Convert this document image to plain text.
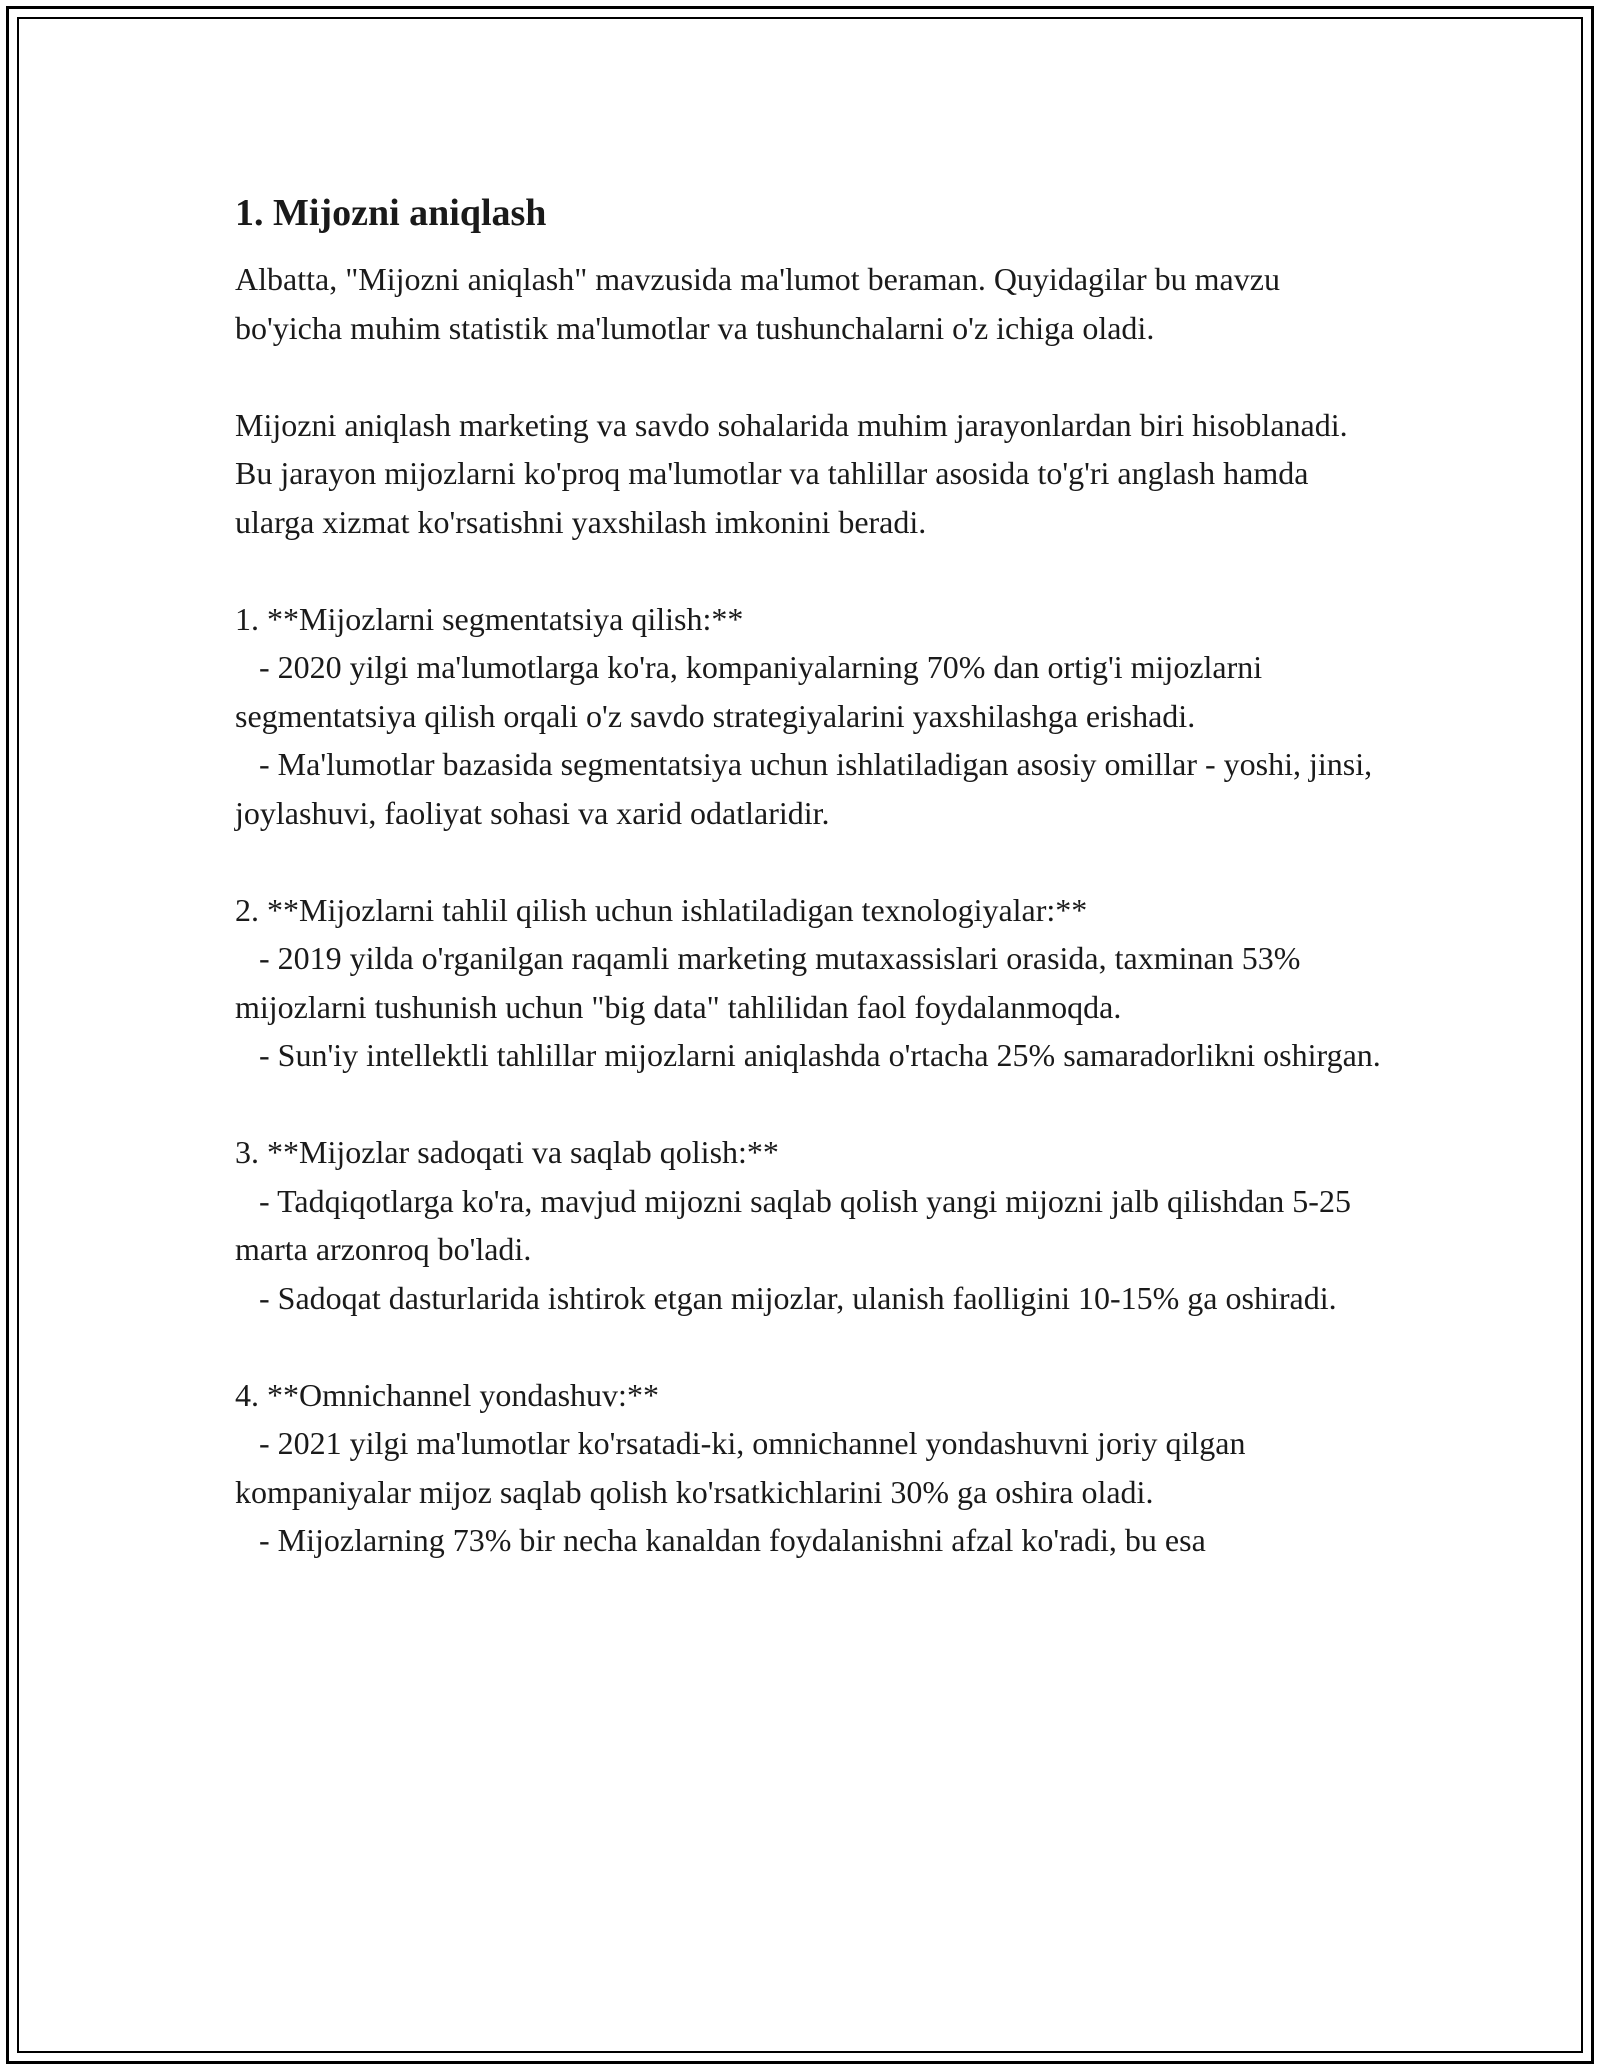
1. Mijozni aniqlash

Albatta, "Mijozni aniqlash" mavzusida ma'lumot beraman. Quyidagilar bu mavzu bo'yicha muhim statistik ma'lumotlar va tushunchalarni o'z ichiga oladi.

Mijozni aniqlash marketing va savdo sohalarida muhim jarayonlardan biri hisoblanadi. Bu jarayon mijozlarni ko'proq ma'lumotlar va tahlillar asosida to'g'ri anglash hamda ularga xizmat ko'rsatishni yaxshilash imkonini beradi.

1. **Mijozlarni segmentatsiya qilish:**
- 2020 yilgi ma'lumotlarga ko'ra, kompaniyalarning 70% dan ortig'i mijozlarni segmentatsiya qilish orqali o'z savdo strategiyalarini yaxshilashga erishadi.
- Ma'lumotlar bazasida segmentatsiya uchun ishlatiladigan asosiy omillar - yoshi, jinsi, joylashuvi, faoliyat sohasi va xarid odatlaridir.

2. **Mijozlarni tahlil qilish uchun ishlatiladigan texnologiyalar:**
- 2019 yilda o'rganilgan raqamli marketing mutaxassislari orasida, taxminan 53% mijozlarni tushunish uchun "big data" tahlilidan faol foydalanmoqda.
- Sun'iy intellektli tahlillar mijozlarni aniqlashda o'rtacha 25% samaradorlikni oshirgan.

3. **Mijozlar sadoqati va saqlab qolish:**
- Tadqiqotlarga ko'ra, mavjud mijozni saqlab qolish yangi mijozni jalb qilishdan 5-25 marta arzonroq bo'ladi.
- Sadoqat dasturlarida ishtirok etgan mijozlar, ulanish faolligini 10-15% ga oshiradi.

4. **Omnichannel yondashuv:**
- 2021 yilgi ma'lumotlar ko'rsatadi-ki, omnichannel yondashuvni joriy qilgan kompaniyalar mijoz saqlab qolish ko'rsatkichlarini 30% ga oshira oladi.
- Mijozlarning 73% bir necha kanaldan foydalanishni afzal ko'radi, bu esa
